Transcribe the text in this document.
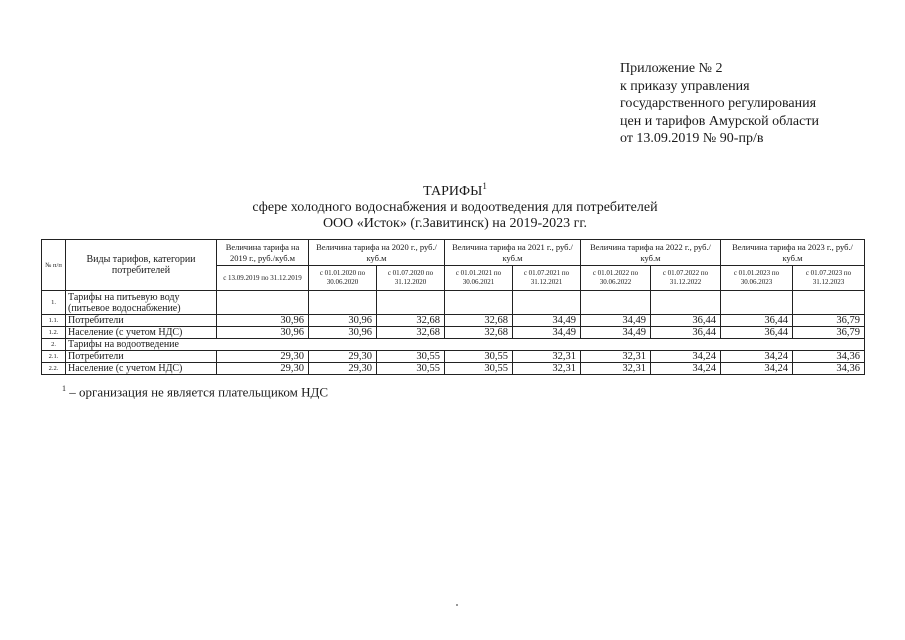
Приложение № 2
к приказу управления
государственного регулирования
цен и тарифов Амурской области
от 13.09.2019 № 90-пр/в
ТАРИФЫ$^1$
сфере холодного водоснабжения и водоотведения для потребителей
ООО «Исток» (г.Завитинск) на 2019-2023 гг.
№ п/п	Виды тарифов, категории потребителей	Величина тарифа на 2019 г., руб./куб.м	Величина тарифа на 2020 г., руб./куб.м		Величина тарифа на 2021 г., руб./куб.м		Величина тарифа на 2022 г., руб./куб.м		Величина тарифа на 2023 г., руб./куб.м	
		с 13.09.2019 по 31.12.2019	с 01.01.2020 по 30.06.2020	с 01.07.2020 по 31.12.2020	с 01.01.2021 по 30.06.2021	с 01.07.2021 по 31.12.2021	с 01.01.2022 по 30.06.2022	с 01.07.2022 по 31.12.2022	с 01.01.2023 по 30.06.2023	с 01.07.2023 по 31.12.2023
1.	Тарифы на питьевую воду
(питьевое водоснабжение)									

1.1.	Потребители	30,96	30,96	32,68	32,68	34,49	34,49	36,44	36,44	36,79
1.2.	Население (с учетом НДС)	30,96	30,96	32,68	32,68	34,49	34,49	36,44	36,44	36,79
2.	Тарифы на водоотведение									
2.1.	Потребители	29,30	29,30	30,55	30,55	32,31	32,31	34,24	34,24	34,36
2.2.	Население (с учетом НДС)	29,30	29,30	30,55	30,55	32,31	32,31	34,24	34,24	34,36
$^1$ – организация не является плательщиком НДС
